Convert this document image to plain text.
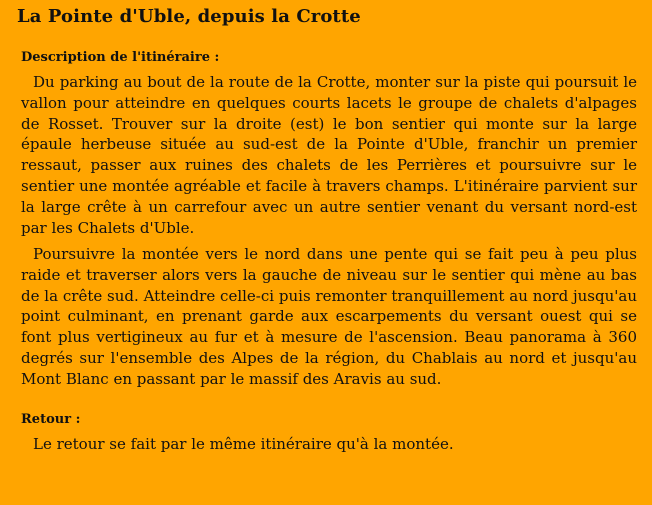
La Pointe d'Uble, depuis la Crotte
Description de l'itinéraire :

Du parking au bout de la route de la Crotte, monter sur la piste qui poursuit le vallon pour atteindre en quelques courts lacets le groupe de chalets d'alpages de Rosset. Trouver sur la droite (est) le bon sentier qui monte sur la large épaule herbeuse située au sud-est de la Pointe d'Uble, franchir un premier ressaut, passer aux ruines des chalets de les Perrières et poursuivre sur le sentier une montée agréable et facile à travers champs. L'itinéraire parvient sur la large crête à un carrefour avec un autre sentier venant du versant nord-est par les Chalets d'Uble.

Poursuivre la montée vers le nord dans une pente qui se fait peu à peu plus raide et traverser alors vers la gauche de niveau sur le sentier qui mène au bas de la crête sud. Atteindre celle-ci puis remonter tranquillement au nord jusqu'au point culminant, en prenant garde aux escarpements du versant ouest qui se font plus vertigineux au fur et à mesure de l'ascension. Beau panorama à 360 degrés sur l'ensemble des Alpes de la région, du Chablais au nord et jusqu'au Mont Blanc en passant par le massif des Aravis au sud.

Retour :

Le retour se fait par le même itinéraire qu'à la montée.
